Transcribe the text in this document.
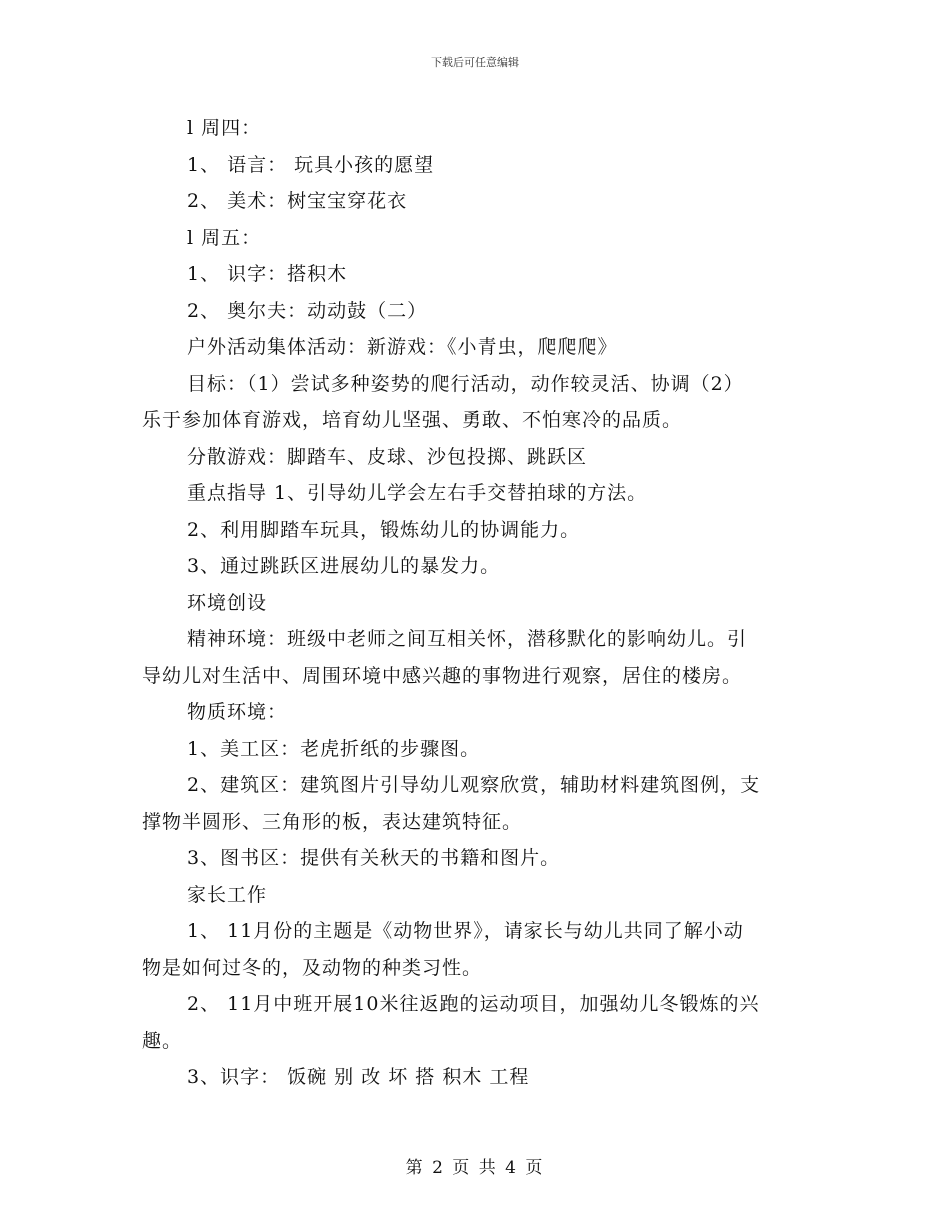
下载后可任意编辑

l 周四：

1、 语言： 玩具小孩的愿望

2、 美术：树宝宝穿花衣

l 周五：

1、 识字：搭积木

2、 奥尔夫：动动鼓（二）

户外活动集体活动：新游戏：《小青虫，爬爬爬》

目标：（1）尝试多种姿势的爬行活动，动作较灵活、协调（2）

乐于参加体育游戏，培育幼儿坚强、勇敢、不怕寒冷的品质。

分散游戏：脚踏车、皮球、沙包投掷、跳跃区

重点指导 1、引导幼儿学会左右手交替拍球的方法。

2、利用脚踏车玩具，锻炼幼儿的协调能力。

3、通过跳跃区进展幼儿的暴发力。

环境创设

精神环境：班级中老师之间互相关怀，潜移默化的影响幼儿。引

导幼儿对生活中、周围环境中感兴趣的事物进行观察，居住的楼房。

物质环境：

1、美工区：老虎折纸的步骤图。

2、建筑区：建筑图片引导幼儿观察欣赏，辅助材料建筑图例，支

撑物半圆形、三角形的板，表达建筑特征。

3、图书区：提供有关秋天的书籍和图片。

家长工作

1、 11月份的主题是《动物世界》，请家长与幼儿共同了解小动

物是如何过冬的，及动物的种类习性。

2、 11月中班开展10米往返跑的运动项目，加强幼儿冬锻炼的兴

趣。

3、识字： 饭碗 别 改 坏 搭 积木 工程

第 2 页 共 4 页
